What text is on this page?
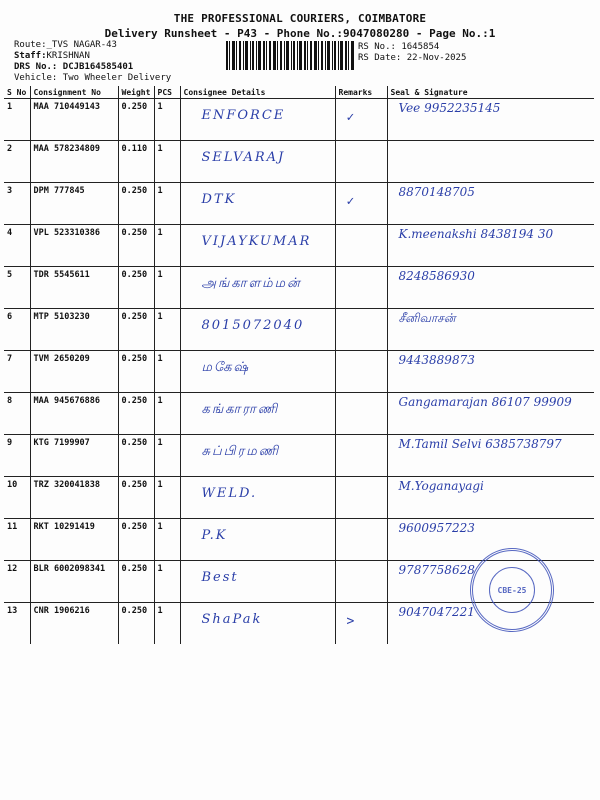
THE PROFESSIONAL COURIERS, COIMBATORE
Delivery Runsheet - P43 - Phone No.:9047080280 - Page No.:1
Route:_TVS NAGAR-43
Staff:KRISHNAN
DRS No.: DCJB164585401
Vehicle: Two Wheeler Delivery
RS No.: 1645854
RS Date: 22-Nov-2025
S No	Consignment No	Weight	PCS	Consignee Details	Remarks	Seal & Signature
1	MAA 710449143	0.250	1	ENFORCE	✓	Vee 9952235145

2	MAA 578234809	0.110	1	SELVARAJ		

3	DPM 777845	0.250	1	DTK	✓	8870148705

4	VPL 523310386	0.250	1	VIJAYKUMAR		K.meenakshi 8438194 30

5	TDR 5545611	0.250	1	அங்காளம்மன்		8248586930

6	MTP 5103230	0.250	1	8015072040		சீனிவாசன்

7	TVM 2650209	0.250	1	மகேஷ்		9443889873

8	MAA 945676886	0.250	1	கங்காராணி		Gangamarajan 86107 99909

9	KTG 7199907	0.250	1	சுப்பிரமணி		M.Tamil Selvi 6385738797

10	TRZ 320041838	0.250	1	WELD.		M.Yoganayagi

11	RKT 10291419	0.250	1	P.K		9600957223

12	BLR 6002098341	0.250	1	Best		9787758628

13	CNR 1906216	0.250	1	ShaPak	>	9047047221
CBE-25
